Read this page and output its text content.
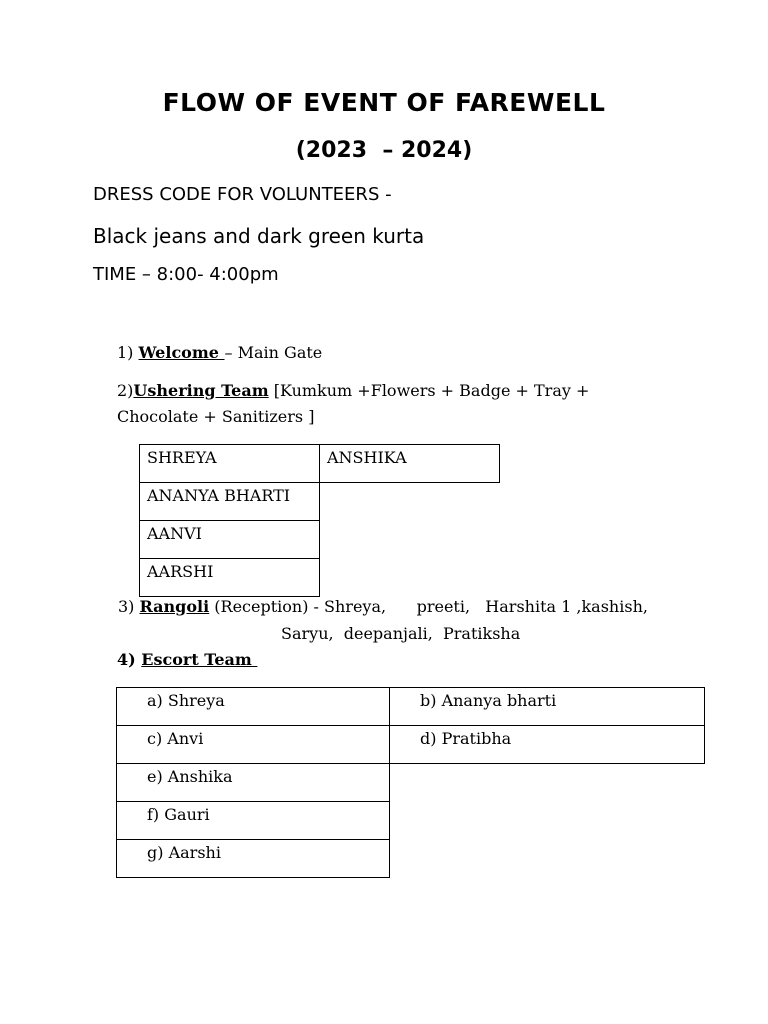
FLOW OF EVENT OF FAREWELL
(2023  – 2024)
DRESS CODE FOR VOLUNTEERS -
Black jeans and dark green kurta
TIME – 8:00- 4:00pm
1) Welcome – Main Gate
2)Ushering Team [Kumkum +Flowers + Badge + Tray +
Chocolate + Sanitizers ]
SHREYA	ANSHIKA
ANANYA BHARTI	
AANVI	
AARSHI	
3) Rangoli (Reception) - Shreya,      preeti,   Harshita 1 ,kashish,
Saryu,  deepanjali,  Pratiksha
4) Escort Team
a) Shreya	b) Ananya bharti
c) Anvi	d) Pratibha
e) Anshika	
f) Gauri	
g) Aarshi	
